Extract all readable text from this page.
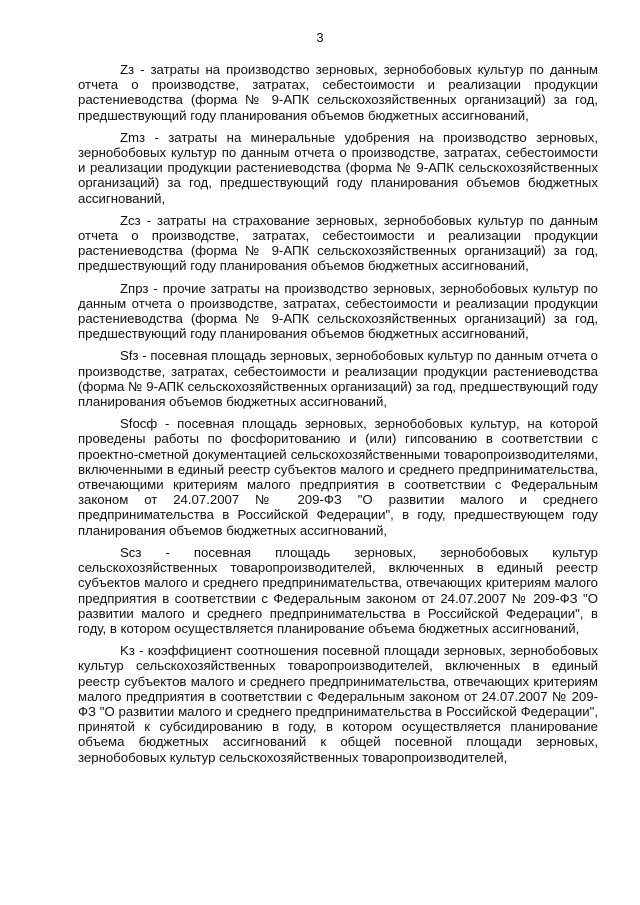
3

Zз - затраты на производство зерновых, зернобобовых культур по данным отчета о производстве, затратах, себестоимости и реализации продукции растениеводства (форма № 9-АПК сельскохозяйственных организаций) за год, предшествующий году планирования объемов бюджетных ассигнований,

Zmз - затраты на минеральные удобрения на производство зерновых, зернобобовых культур по данным отчета о производстве, затратах, себестоимости и реализации продукции растениеводства (форма № 9-АПК сельскохозяйственных организаций) за год, предшествующий году планирования объемов бюджетных ассигнований,

Zсз - затраты на страхование зерновых, зернобобовых культур по данным отчета о производстве, затратах, себестоимости и реализации продукции растениеводства (форма № 9-АПК сельскохозяйственных организаций) за год, предшествующий году планирования объемов бюджетных ассигнований,

Zпрз - прочие затраты на производство зерновых, зернобобовых культур по данным отчета о производстве, затратах, себестоимости и реализации продукции растениеводства (форма № 9-АПК сельскохозяйственных организаций) за год, предшествующий году планирования объемов бюджетных ассигнований,

Sfз - посевная площадь зерновых, зернобобовых культур по данным отчета о производстве, затратах, себестоимости и реализации продукции растениеводства (форма № 9-АПК сельскохозяйственных организаций) за год, предшествующий году планирования объемов бюджетных ассигнований,

Sfосф - посевная площадь зерновых, зернобобовых культур, на которой проведены работы по фосфоритованию и (или) гипсованию в соответствии с проектно-сметной документацией сельскохозяйственными товаропроизводителями, включенными в единый реестр субъектов малого и среднего предпринимательства, отвечающими критериям малого предприятия в соответствии с Федеральным законом от 24.07.2007 № 209-ФЗ "О развитии малого и среднего предпринимательства в Российской Федерации", в году, предшествующем году планирования объемов бюджетных ассигнований,

Scз - посевная площадь зерновых, зернобобовых культур сельскохозяйственных товаропроизводителей, включенных в единый реестр субъектов малого и среднего предпринимательства, отвечающих критериям малого предприятия в соответствии с Федеральным законом от 24.07.2007 № 209-ФЗ "О развитии малого и среднего предпринимательства в Российской Федерации", в году, в котором осуществляется планирование объема бюджетных ассигнований,

Kз - коэффициент соотношения посевной площади зерновых, зернобобовых культур сельскохозяйственных товаропроизводителей, включенных в единый реестр субъектов малого и среднего предпринимательства, отвечающих критериям малого предприятия в соответствии с Федеральным законом от 24.07.2007 № 209-ФЗ "О развитии малого и среднего предпринимательства в Российской Федерации", принятой к субсидированию в году, в котором осуществляется планирование объема бюджетных ассигнований к общей посевной площади зерновых, зернобобовых культур сельскохозяйственных товаропроизводителей,
